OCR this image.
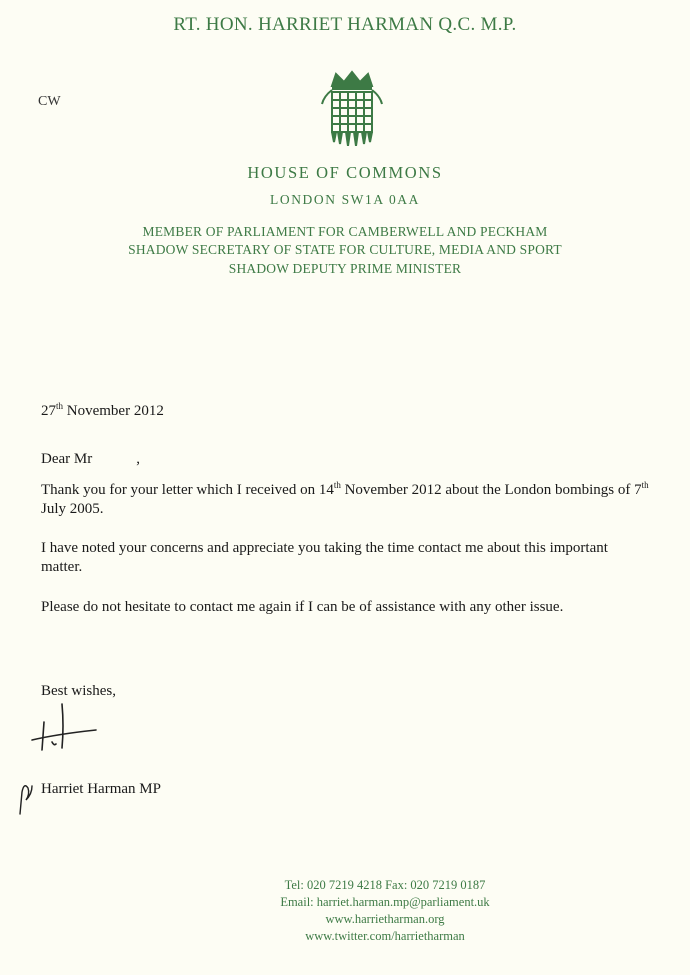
RT. HON. HARRIET HARMAN Q.C. M.P.
CW
HOUSE OF COMMONS
LONDON SW1A 0AA
MEMBER OF PARLIAMENT FOR CAMBERWELL AND PECKHAM
SHADOW SECRETARY OF STATE FOR CULTURE, MEDIA AND SPORT
SHADOW DEPUTY PRIME MINISTER
27th November 2012
Dear Mr	,
Thank you for your letter which I received on 14th November 2012 about the London bombings of 7th July 2005.
I have noted your concerns and appreciate you taking the time contact me about this important matter.
Please do not hesitate to contact me again if I can be of assistance with any other issue.
Best wishes,
Harriet Harman MP
Tel: 020 7219 4218 Fax: 020 7219 0187
Email: harriet.harman.mp@parliament.uk
www.harrietharman.org
www.twitter.com/harrietharman
